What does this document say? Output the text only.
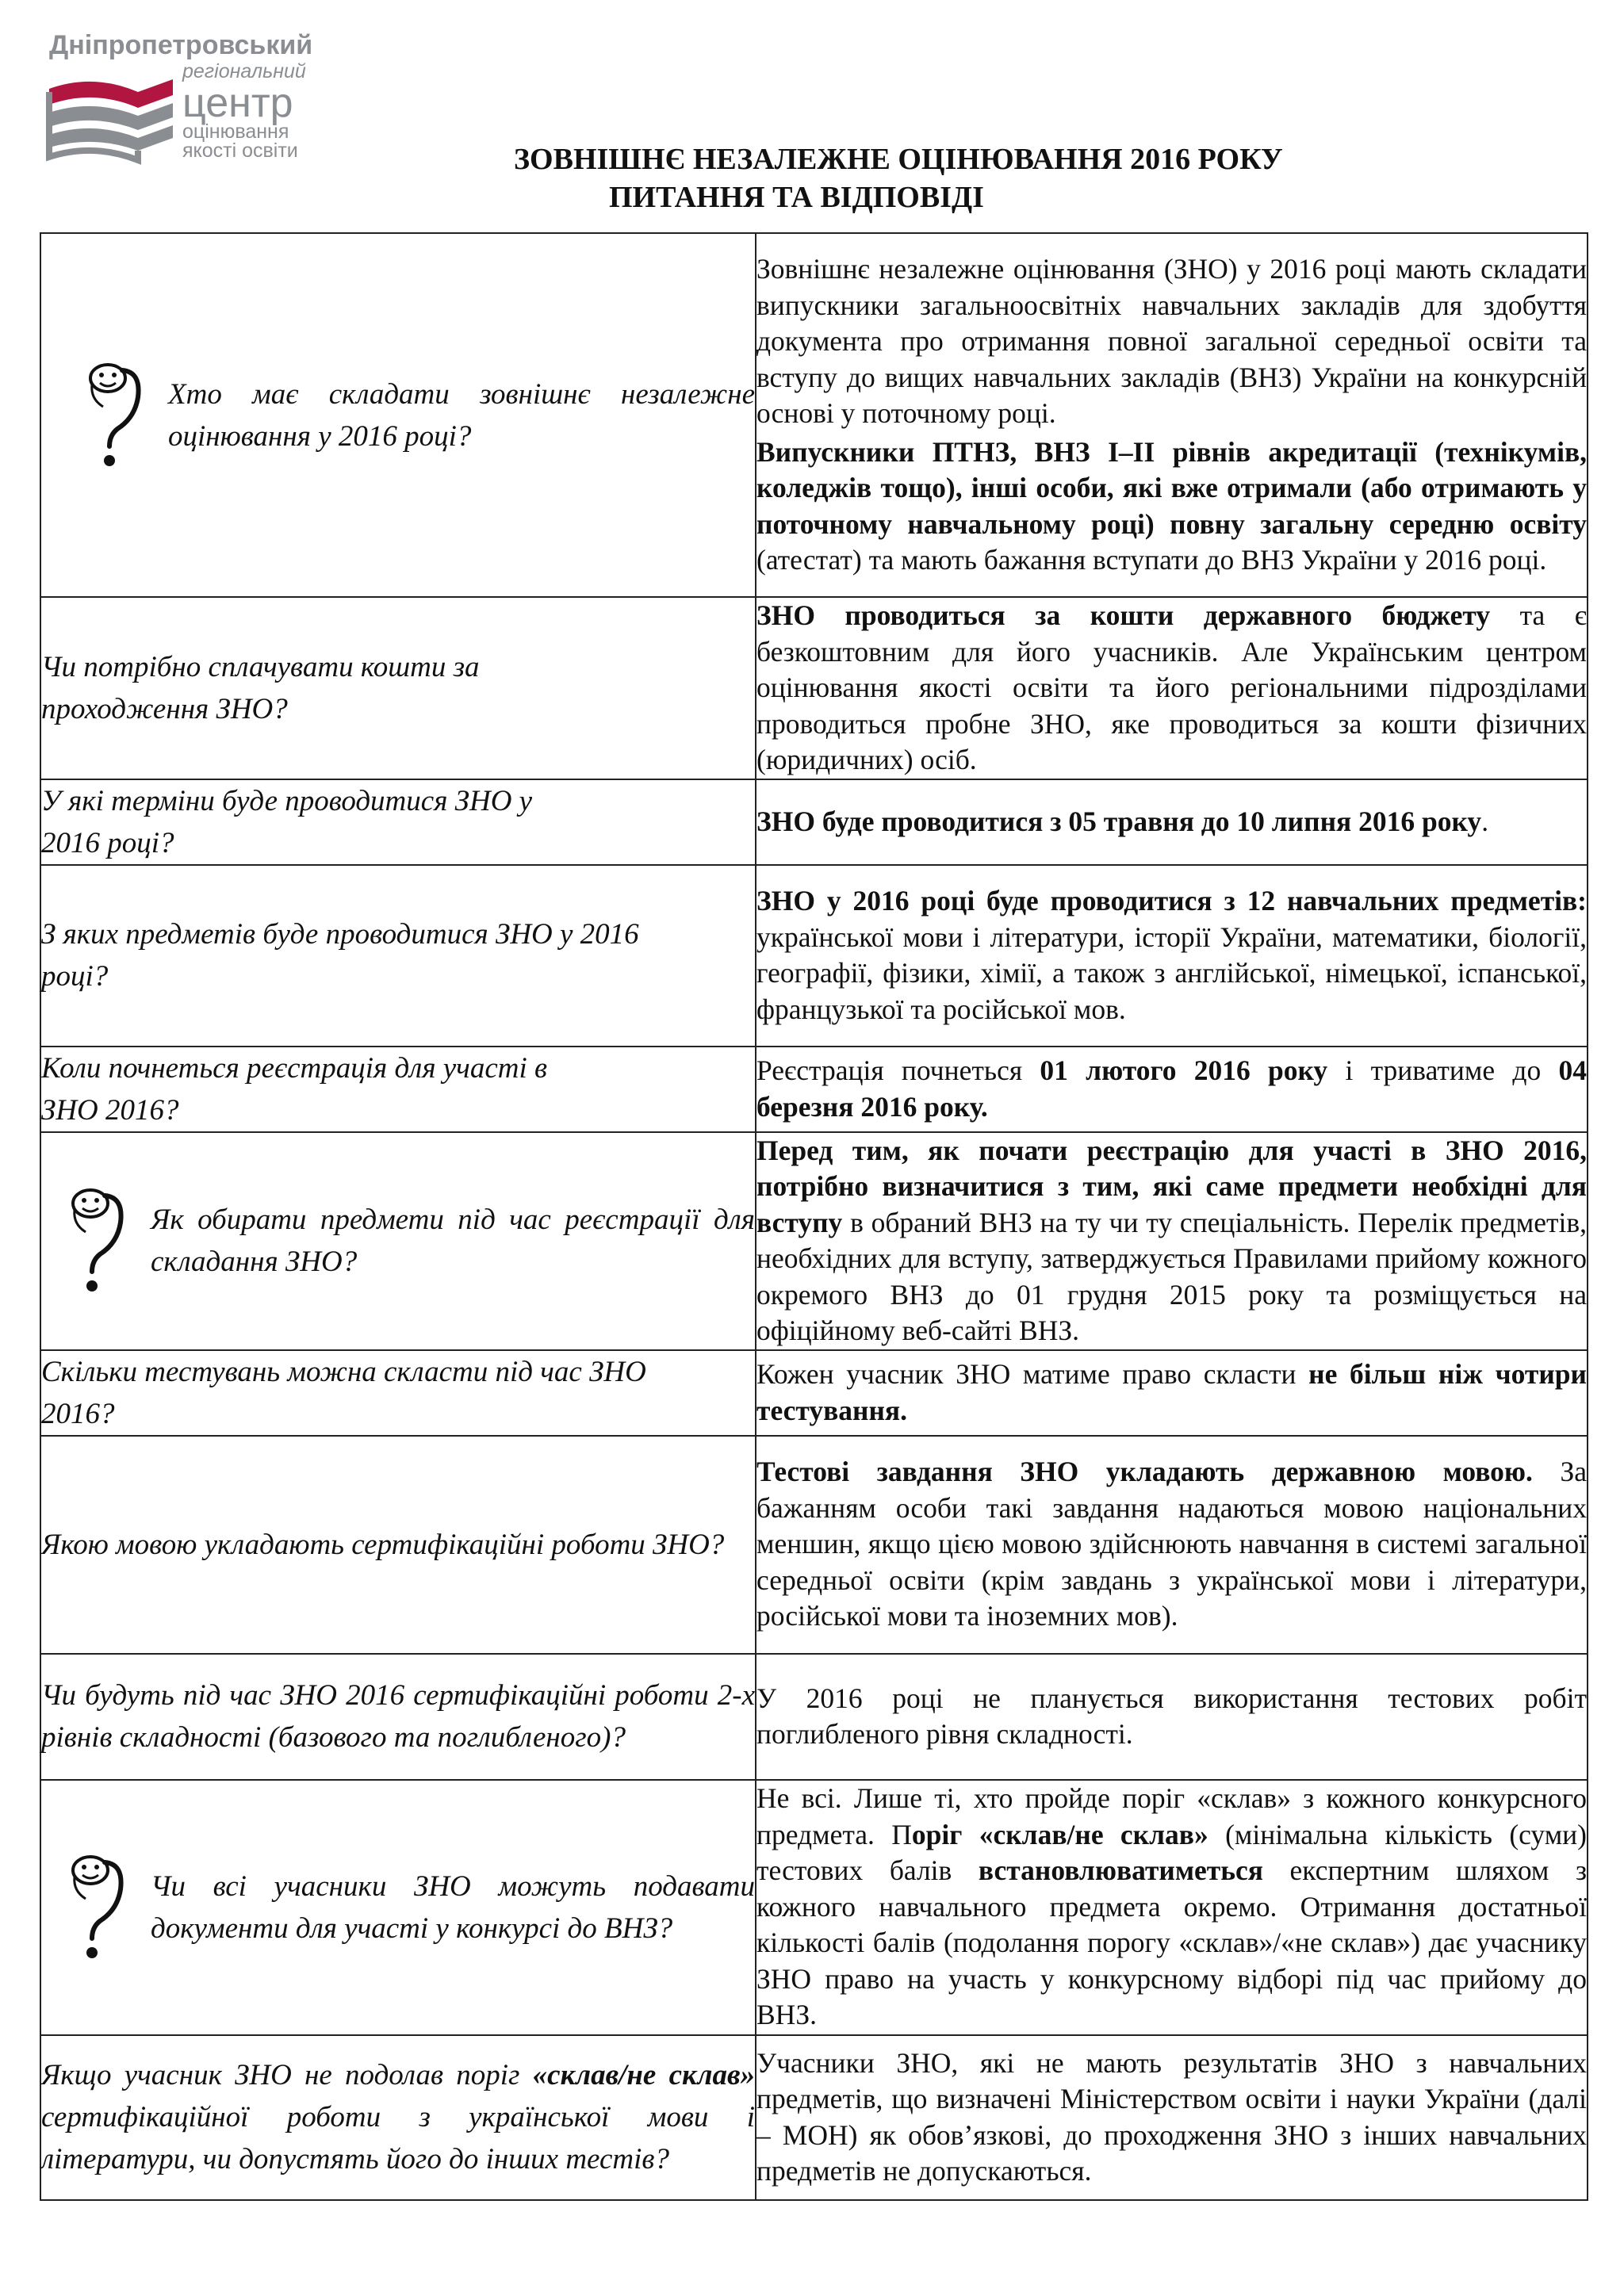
Дніпропетровський
регіональний
центр
оцінювання
якості освіти	ЗОВНІШНЄ НЕЗАЛЕЖНЕ ОЦІНЮВАННЯ 2016 РОКУ
ПИТАННЯ ТА ВІДПОВІДІ
Хто має складати зовнішнє незалежне оцінювання у 2016 році?	Зовнішнє незалежне оцінювання (ЗНО) у 2016 році мають складати випускники загальноосвітніх навчальних закладів для здобуття документа про отримання повної загальної середньої освіти та вступу до вищих навчальних закладів (ВНЗ) України на конкурсній основі у поточному році.
Випускники ПТНЗ, ВНЗ І–ІІ рівнів акредитації (технікумів, коледжів тощо), інші особи, які вже отримали (або отримають у поточному навчальному році) повну загальну середню освіту (атестат) та мають бажання вступати до ВНЗ України у 2016 році.

Чи потрібно сплачувати кошти за проходження ЗНО?	ЗНО проводиться за кошти державного бюджету та є безкоштовним для його учасників. Але Українським центром оцінювання якості освіти та його регіональними підрозділами проводиться пробне ЗНО, яке проводиться за кошти фізичних (юридичних) осіб.

У які терміни буде проводитися ЗНО у 2016 році?	ЗНО буде проводитися з 05 травня до 10 липня 2016 року.

З яких предметів буде проводитися ЗНО у 2016 році?	ЗНО у 2016 році буде проводитися з 12 навчальних предметів: української мови і літератури, історії України, математики, біології, географії, фізики, хімії, а також з англійської, німецької, іспанської, французької та російської мов.

Коли почнеться реєстрація для участі в ЗНО 2016?	Реєстрація почнеться 01 лютого 2016 року і триватиме до 04 березня 2016 року.

Як обирати предмети під час реєстрації для складання ЗНО?	Перед тим, як почати реєстрацію для участі в ЗНО 2016, потрібно визначитися з тим, які саме предмети необхідні для вступу в обраний ВНЗ на ту чи ту спеціальність. Перелік предметів, необхідних для вступу, затверджується Правилами прийому кожного окремого ВНЗ до 01 грудня 2015 року та розміщується на офіційному веб-сайті ВНЗ.

Скільки тестувань можна скласти під час ЗНО 2016?	Кожен учасник ЗНО матиме право скласти не більш ніж чотири тестування.

Якою мовою укладають сертифікаційні роботи ЗНО?	Тестові завдання ЗНО укладають державною мовою. За бажанням особи такі завдання надаються мовою національних меншин, якщо цією мовою здійснюють навчання в системі загальної середньої освіти (крім завдань з української мови і літератури, російської мови та іноземних мов).

Чи будуть під час ЗНО 2016 сертифікаційні роботи 2-х рівнів складності (базового та поглибленого)?	У 2016 році не планується використання тестових робіт поглибленого рівня складності.

Чи всі учасники ЗНО можуть подавати документи для участі у конкурсі до ВНЗ?	Не всі. Лише ті, хто пройде поріг «склав» з кожного конкурсного предмета. Поріг «склав/не склав» (мінімальна кількість (суми) тестових балів встановлюватиметься експертним шляхом з кожного навчального предмета окремо. Отримання достатньої кількості балів (подолання порогу «склав»/«не склав») дає учаснику ЗНО право на участь у конкурсному відборі під час прийому до ВНЗ.

Якщо учасник ЗНО не подолав поріг «склав/не склав» сертифікаційної роботи з української мови і літератури, чи допустять його до інших тестів?	Учасники ЗНО, які не мають результатів ЗНО з навчальних предметів, що визначені Міністерством освіти і науки України (далі – МОН) як обов’язкові, до проходження ЗНО з інших навчальних предметів не допускаються.
